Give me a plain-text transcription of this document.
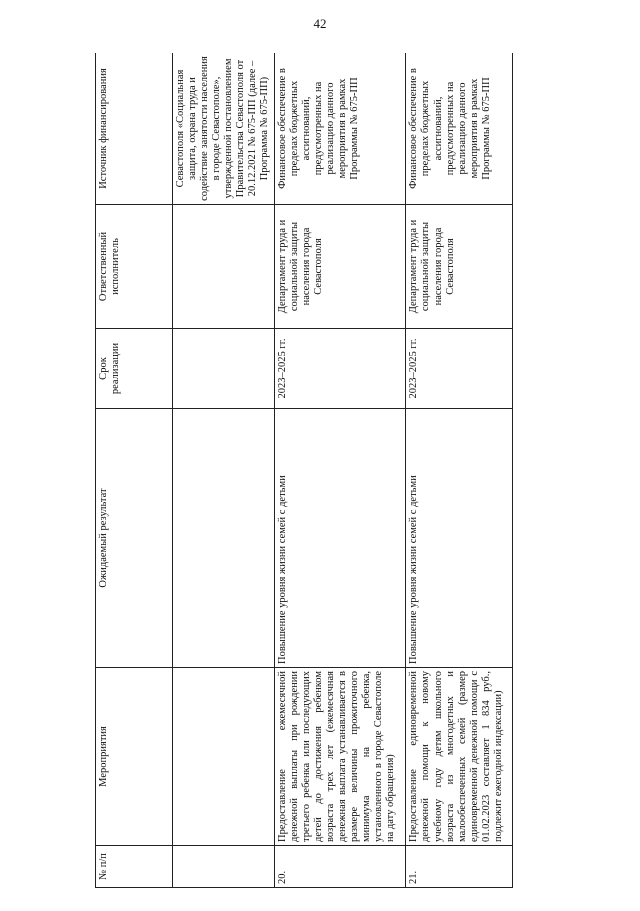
42
№ п/п	Мероприятия	Ожидаемый результат	Срок реализации	Ответственный исполнитель	Источник финансирования
					Севастополя «Социальная защита, охрана труда и содействие занятости населения в городе Севастополе», утвержденной постановлением Правительства Севастополя от 20.12.2021 № 675-ПП (далее – Программа № 675-ПП)
20.	Предоставление ежемесячной денежной выплаты при рождении третьего ребенка или последующих детей до достижения ребенком возраста трех лет (ежемесячная денежная выплата устанавливается в размере величины прожиточного минимума на ребенка, установленного в городе Севастополе на дату обращения)	Повышение уровня жизни семей с детьми	2023–2025 гг.	Департамент труда и социальной защиты населения города Севастополя	Финансовое обеспечение в пределах бюджетных ассигнований, предусмотренных на реализацию данного мероприятия в рамках Программы № 675-ПП
21.	Предоставление единовременной денежной помощи к новому учебному году детям школьного возраста из многодетных и малообеспеченных семей (размер единовременной денежной помощи с 01.02.2023 составляет 1 834 руб., подлежит ежегодной индексации)	Повышение уровня жизни семей с детьми	2023–2025 гг.	Департамент труда и социальной защиты населения города Севастополя	Финансовое обеспечение в пределах бюджетных ассигнований, предусмотренных на реализацию данного мероприятия в рамках Программы № 675-ПП
